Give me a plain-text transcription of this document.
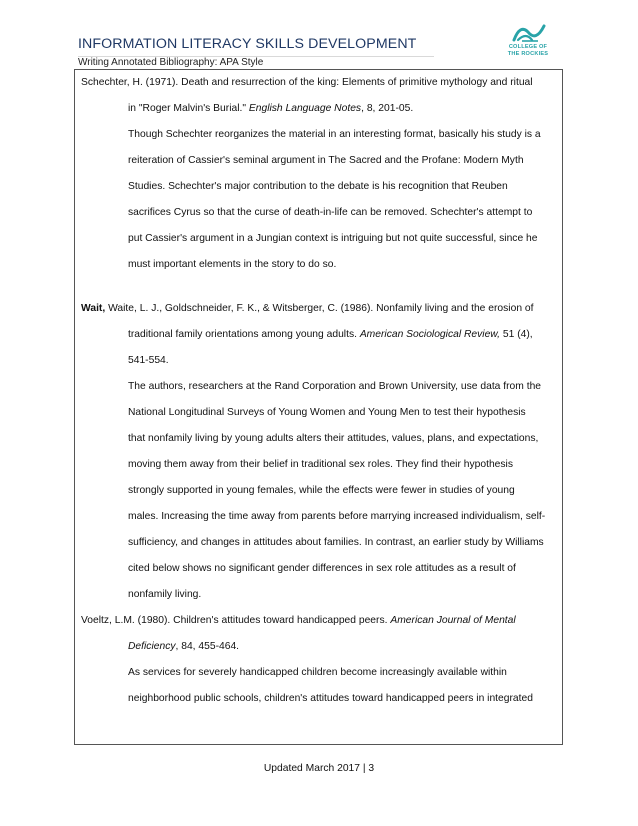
INFORMATION LITERACY SKILLS DEVELOPMENT
Writing Annotated Bibliography: APA Style
COLLEGE OF
THE ROCKIES
Schechter, H. (1971). Death and resurrection of the king: Elements of primitive mythology and ritual
in "Roger Malvin's Burial." English Language Notes, 8, 201-05.
Though Schechter reorganizes the material in an interesting format, basically his study is a
reiteration of Cassier's seminal argument in The Sacred and the Profane: Modern Myth
Studies. Schechter's major contribution to the debate is his recognition that Reuben
sacrifices Cyrus so that the curse of death-in-life can be removed. Schechter's attempt to
put Cassier's argument in a Jungian context is intriguing but not quite successful, since he
must important elements in the story to do so.
Wait, Waite, L. J., Goldschneider, F. K., & Witsberger, C. (1986). Nonfamily living and the erosion of
traditional family orientations among young adults. American Sociological Review, 51 (4),
541-554.
The authors, researchers at the Rand Corporation and Brown University, use data from the
National Longitudinal Surveys of Young Women and Young Men to test their hypothesis
that nonfamily living by young adults alters their attitudes, values, plans, and expectations,
moving them away from their belief in traditional sex roles. They find their hypothesis
strongly supported in young females, while the effects were fewer in studies of young
males. Increasing the time away from parents before marrying increased individualism, self-
sufficiency, and changes in attitudes about families. In contrast, an earlier study by Williams
cited below shows no significant gender differences in sex role attitudes as a result of
nonfamily living.
Voeltz, L.M. (1980). Children's attitudes toward handicapped peers. American Journal of Mental
Deficiency, 84, 455-464.
As services for severely handicapped children become increasingly available within
neighborhood public schools, children's attitudes toward handicapped peers in integrated
Updated March 2017 | 3
